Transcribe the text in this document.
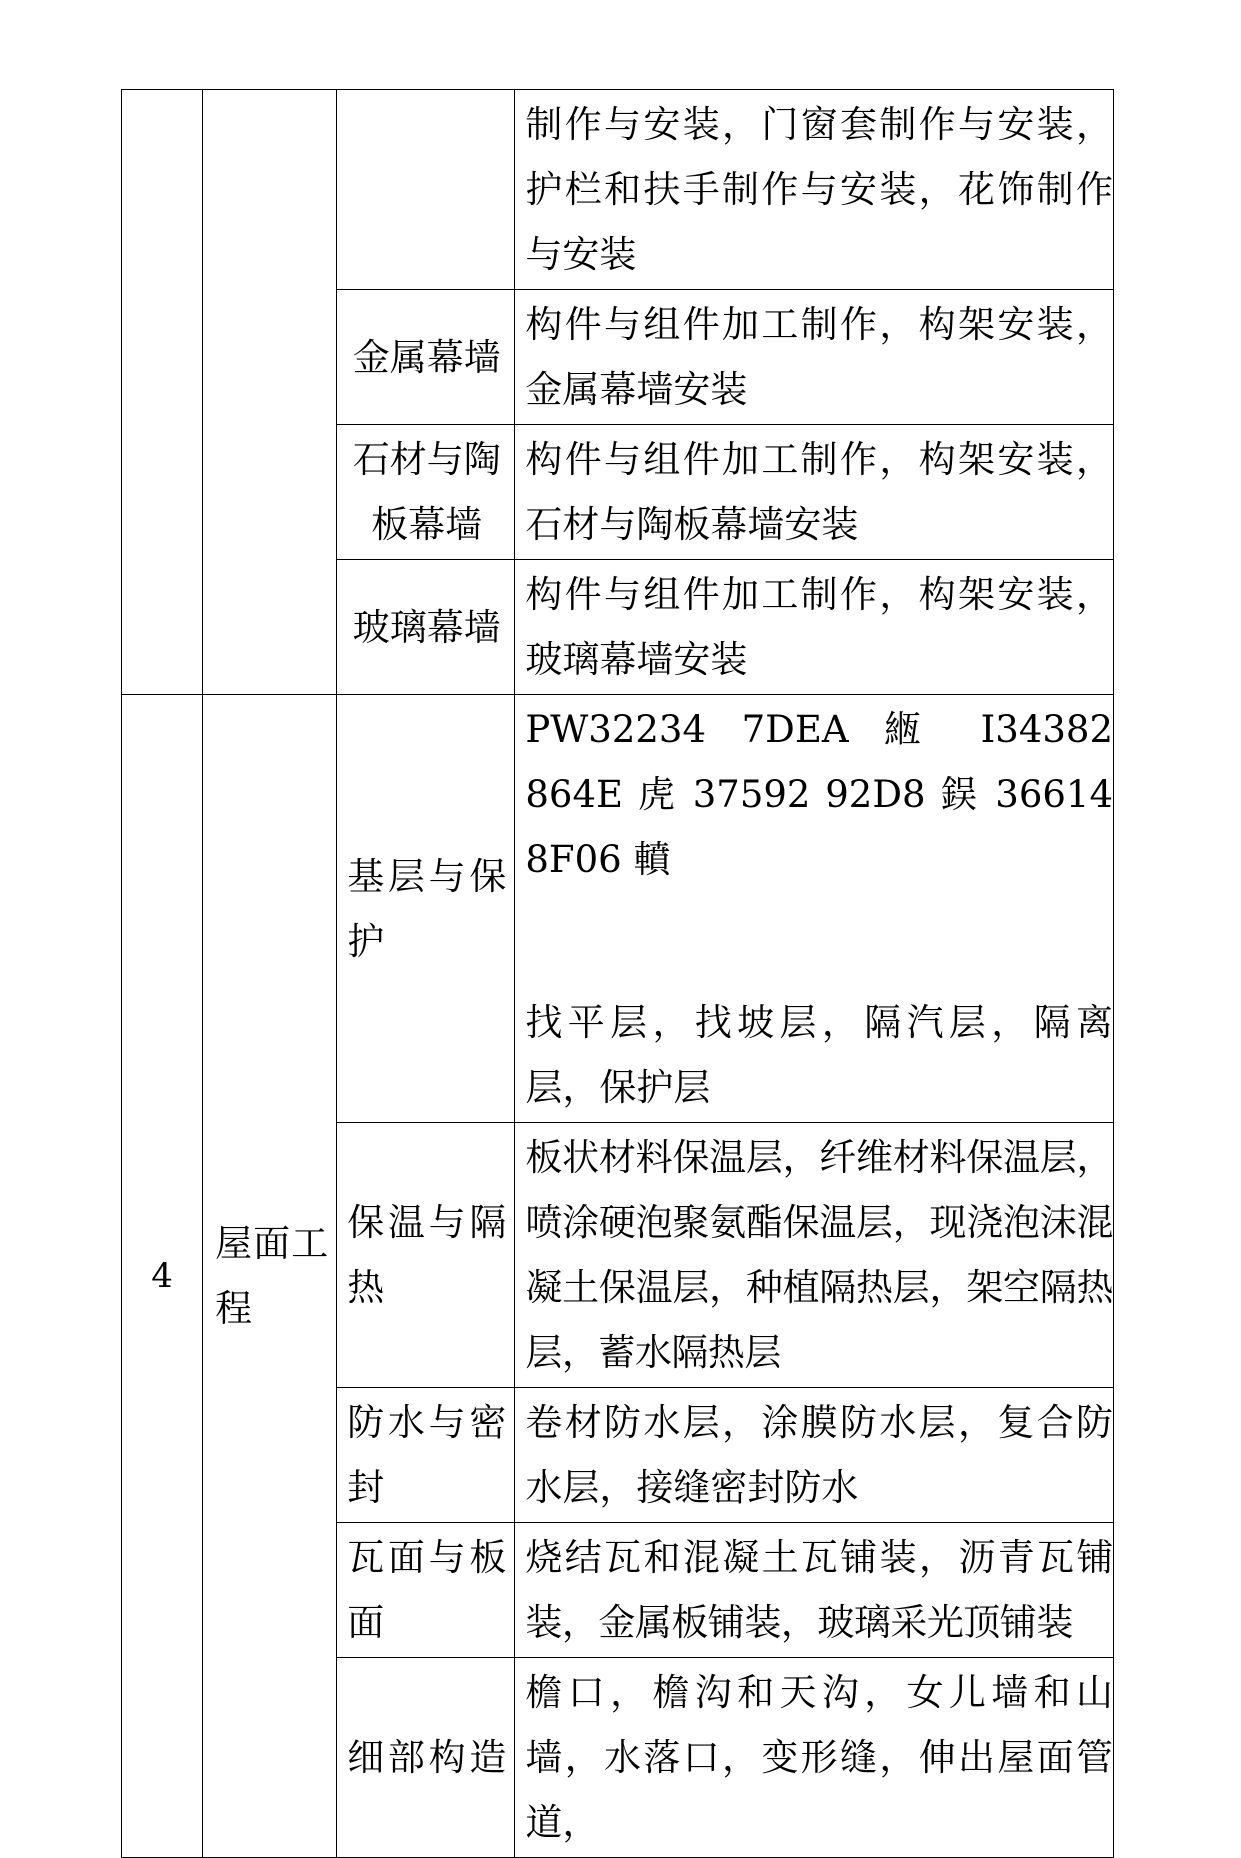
			制作与安装，门窗套制作与安装，护栏和扶手制作与安装，花饰制作与安装
		金属幕墙	构件与组件加工制作，构架安装，金属幕墙安装
		石材与陶板幕墙	构件与组件加工制作，构架安装，石材与陶板幕墙安装
		玻璃幕墙	构件与组件加工制作，构架安装，玻璃幕墙安装
4	屋面工程	基层与保护	PW32234 7DEA 緪 I34382 864E 虎 37592 92D8 鋘 36614 8F06 轒
找平层，找坡层，隔汽层，隔离层，保护层

		保温与隔热	板状材料保温层，纤维材料保温层，喷涂硬泡聚氨酯保温层，现浇泡沫混凝土保温层，种植隔热层，架空隔热层，蓄水隔热层
		防水与密封	卷材防水层，涂膜防水层，复合防水层，接缝密封防水
		瓦面与板面	烧结瓦和混凝土瓦铺装，沥青瓦铺装，金属板铺装，玻璃采光顶铺装
		细部构造	檐口，檐沟和天沟，女儿墙和山墙，水落口，变形缝，伸出屋面管道，
